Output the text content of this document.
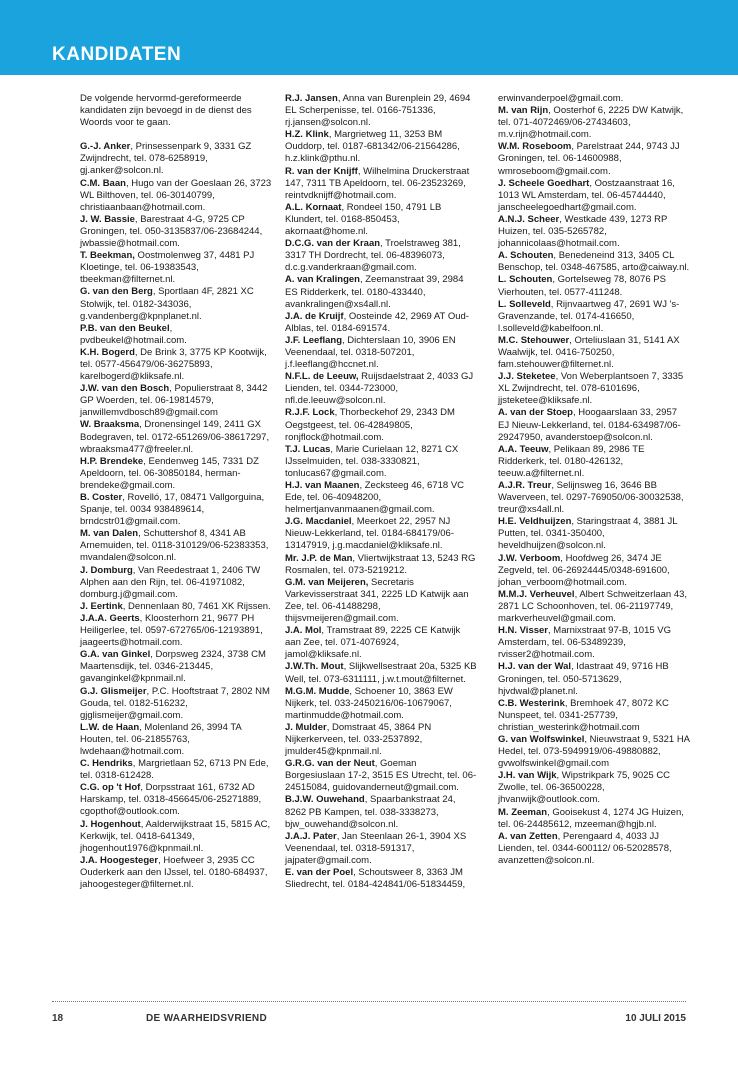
KANDIDATEN

De volgende hervormd-gereformeerde kandidaten zijn bevoegd in de dienst des Woords voor te gaan.

G.-J. Anker, Prinsessenpark 9, 3331 GZ Zwijndrecht, tel. 078-6258919, gj.anker@solcon.nl.

C.M. Baan, Hugo van der Goeslaan 26, 3723 WL Bilthoven, tel. 06-30140799, christiaanbaan@hotmail.com.

J. W. Bassie, Barestraat 4-G, 9725 CP Groningen, tel. 050-3135837/06-23684244, jwbassie@hotmail.com.

T. Beekman, Oostmolenweg 37, 4481 PJ Kloetinge, tel. 06-19383543, tbeekman@filternet.nl.

G. van den Berg, Sportlaan 4F, 2821 XC Stolwijk, tel. 0182-343036, g.vandenberg@kpnplanet.nl.

P.B. van den Beukel, pvdbeukel@hotmail.com.

K.H. Bogerd, De Brink 3, 3775 KP Kootwijk, tel. 0577-456479/06-36275893, karelbogerd@kliksafe.nl.

J.W. van den Bosch, Populierstraat 8, 3442 GP Woerden, tel. 06-19814579, janwillemvdbosch89@gmail.com

W. Braaksma, Dronensingel 149, 2411 GX Bodegraven, tel. 0172-651269/06-38617297, wbraaksma477@freeler.nl.

H.P. Brendeke, Eendenweg 145, 7331 DZ Apeldoorn, tel. 06-30850184, herman-brendeke@gmail.com.

B. Coster, Rovelló, 17, 08471 Vallgorguina, Spanje, tel. 0034 938489614, brndcstr01@gmail.com.

M. van Dalen, Schuttershof 8, 4341 AB Arnemuiden, tel. 0118-310129/06-52383353, mvandalen@solcon.nl.

J. Domburg, Van Reedestraat 1, 2406 TW Alphen aan den Rijn, tel. 06-41971082, domburg.j@gmail.com.

J. Eertink, Dennenlaan 80, 7461 XK Rijssen.

J.A.A. Geerts, Kloosterhorn 21, 9677 PH Heiligerlee, tel. 0597-672765/06-12193891, jaageerts@hotmail.com.

G.A. van Ginkel, Dorpsweg 2324, 3738 CM Maartensdijk, tel. 0346-213445, gavanginkel@kpnmail.nl.

G.J. Glismeijer, P.C. Hooftstraat 7, 2802 NM Gouda, tel. 0182-516232, gjglismeijer@gmail.com.

L.W. de Haan, Molenland 26, 3994 TA Houten, tel. 06-21855763, lwdehaan@hotmail.com.

C. Hendriks, Margrietlaan 52, 6713 PN Ede, tel. 0318-612428.

C.G. op 't Hof, Dorpsstraat 161, 6732 AD Harskamp, tel. 0318-456645/06-25271889, cgopthof@outlook.com.

J. Hogenhout, Aalderwijkstraat 15, 5815 AC, Kerkwijk, tel. 0418-641349, jhogenhout1976@kpnmail.nl.

J.A. Hoogesteger, Hoefweer 3, 2935 CC Ouderkerk aan den IJssel, tel. 0180-684937, jahoogesteger@filternet.nl.

R.J. Jansen, Anna van Burenplein 29, 4694 EL Scherpenisse, tel. 0166-751336, rj.jansen@solcon.nl.

H.Z. Klink, Margrietweg 11, 3253 BM Ouddorp, tel. 0187-681342/06-21564286, h.z.klink@pthu.nl.

R. van der Knijff, Wilhelmina Druckerstraat 147, 7311 TB Apeldoorn, tel. 06-23523269, reintvdknijff@hotmail.com.

A.L. Kornaat, Rondeel 150, 4791 LB Klundert, tel. 0168-850453, akornaat@home.nl.

D.C.G. van der Kraan, Troelstraweg 381, 3317 TH Dordrecht, tel. 06-48396073, d.c.g.vanderkraan@gmail.com.

A. van Kralingen, Zeemanstraat 39, 2984 ES Ridderkerk, tel. 0180-433440, avankralingen@xs4all.nl.

J.A. de Kruijf, Oosteinde 42, 2969 AT Oud-Alblas, tel. 0184-691574.

J.F. Leeflang, Dichterslaan 10, 3906 EN Veenendaal, tel. 0318-507201, j.f.leeflang@hccnet.nl.

N.F.L. de Leeuw, Ruijsdaelstraat 2, 4033 GJ Lienden, tel. 0344-723000, nfl.de.leeuw@solcon.nl.

R.J.F. Lock, Thorbeckehof 29, 2343 DM Oegstgeest, tel. 06-42849805, ronjflock@hotmail.com.

T.J. Lucas, Marie Curielaan 12, 8271 CX IJsselmuiden, tel. 038-3330821, tonlucas67@gmail.com.

H.J. van Maanen, Zecksteeg 46, 6718 VC Ede, tel. 06-40948200, helmertjanvanmaanen@gmail.com.

J.G. Macdaniel, Meerkoet 22, 2957 NJ Nieuw-Lekkerland, tel. 0184-684179/06-13147919, j.g.macdaniel@kliksafe.nl.

Mr. J.P. de Man, Vliertwijkstraat 13, 5243 RG Rosmalen, tel. 073-5219212.

G.M. van Meijeren, Secretaris Varkevisserstraat 341, 2225 LD Katwijk aan Zee, tel. 06-41488298, thijsvmeijeren@gmail.com.

J.A. Mol, Tramstraat 89, 2225 CE Katwijk aan Zee, tel. 071-4076924, jamol@kliksafe.nl.

J.W.Th. Mout, Slijkwellsestraat 20a, 5325 KB Well, tel. 073-6311111, j.w.t.mout@filternet.

M.G.M. Mudde, Schoener 10, 3863 EW Nijkerk, tel. 033-2450216/06-10679067, martinmudde@hotmail.com.

J. Mulder, Domstraat 45, 3864 PN Nijkerkerveen, tel. 033-2537892, jmulder45@kpnmail.nl.

G.R.G. van der Neut, Goeman Borgesiuslaan 17-2, 3515 ES Utrecht, tel. 06-24515084, guidovanderneut@gmail.com.

B.J.W. Ouwehand, Spaarbankstraat 24, 8262 PB Kampen, tel. 038-3338273, bjw_ouwehand@solcon.nl.

J.A.J. Pater, Jan Steenlaan 26-1, 3904 XS Veenendaal, tel. 0318-591317, jajpater@gmail.com.

E. van der Poel, Schoutsweer 8, 3363 JM Sliedrecht, tel. 0184-424841/06-51834459,

erwinvanderpoel@gmail.com.

M. van Rijn, Oosterhof 6, 2225 DW Katwijk, tel. 071-4072469/06-27434603, m.v.rijn@hotmail.com.

W.M. Roseboom, Parelstraat 244, 9743 JJ Groningen, tel. 06-14600988, wmroseboom@gmail.com.

J. Scheele Goedhart, Oostzaanstraat 16, 1013 WL Amsterdam, tel. 06-45744440, janscheelegoedhart@gmail.com.

A.N.J. Scheer, Westkade 439, 1273 RP Huizen, tel. 035-5265782, johannicolaas@hotmail.com.

A. Schouten, Benedeneind 313, 3405 CL Benschop, tel. 0348-467585, arto@caiway.nl.

L. Schouten, Gortelseweg 78, 8076 PS Vierhouten, tel. 0577-411248.

L. Solleveld, Rijnvaartweg 47, 2691 WJ 's-Gravenzande, tel. 0174-416650, l.solleveld@kabelfoon.nl.

M.C. Stehouwer, Orteliuslaan 31, 5141 AX Waalwijk, tel. 0416-750250, fam.stehouwer@filternet.nl.

J.J. Steketee, Von Weberplantsoen 7, 3335 XL Zwijndrecht, tel. 078-6101696, jjsteketee@kliksafe.nl.

A. van der Stoep, Hoogaarslaan 33, 2957 EJ Nieuw-Lekkerland, tel. 0184-634987/06-29247950, avanderstoep@solcon.nl.

A.A. Teeuw, Pelikaan 89, 2986 TE Ridderkerk, tel. 0180-426132, teeuw.a@filternet.nl.

A.J.R. Treur, Selijnsweg 16, 3646 BB Waverveen, tel. 0297-769050/06-30032538, treur@xs4all.nl.

H.E. Veldhuijzen, Staringstraat 4, 3881 JL Putten, tel. 0341-350400, heveldhuijzen@solcon.nl.

J.W. Verboom, Hoofdweg 26, 3474 JE Zegveld, tel. 06-26924445/0348-691600, johan_verboom@hotmail.com.

M.M.J. Verheuvel, Albert Schweitzerlaan 43, 2871 LC Schoonhoven, tel. 06-21197749, markverheuvel@gmail.com.

H.N. Visser, Marnixstraat 97-B, 1015 VG Amsterdam, tel. 06-53489239, rvisser2@hotmail.com.

H.J. van der Wal, Idastraat 49, 9716 HB Groningen, tel. 050-5713629, hjvdwal@planet.nl.

C.B. Westerink, Bremhoek 47, 8072 KC Nunspeet, tel. 0341-257739, christian_westerink@hotmail.com

G. van Wolfswinkel, Nieuwstraat 9, 5321 HA Hedel, tel. 073-5949919/06-49880882, gvwolfswinkel@gmail.com

J.H. van Wijk, Wipstrikpark 75, 9025 CC Zwolle, tel. 06-36500228, jhvanwijk@outlook.com.

M. Zeeman, Gooisekust 4, 1274 JG Huizen, tel. 06-24485612, mzeeman@hgjb.nl.

A. van Zetten, Perengaard 4, 4033 JJ Lienden, tel. 0344-600112/ 06-52028578, avanzetten@solcon.nl.

18	DE WAARHEIDSVRIEND	10 JULI 2015
